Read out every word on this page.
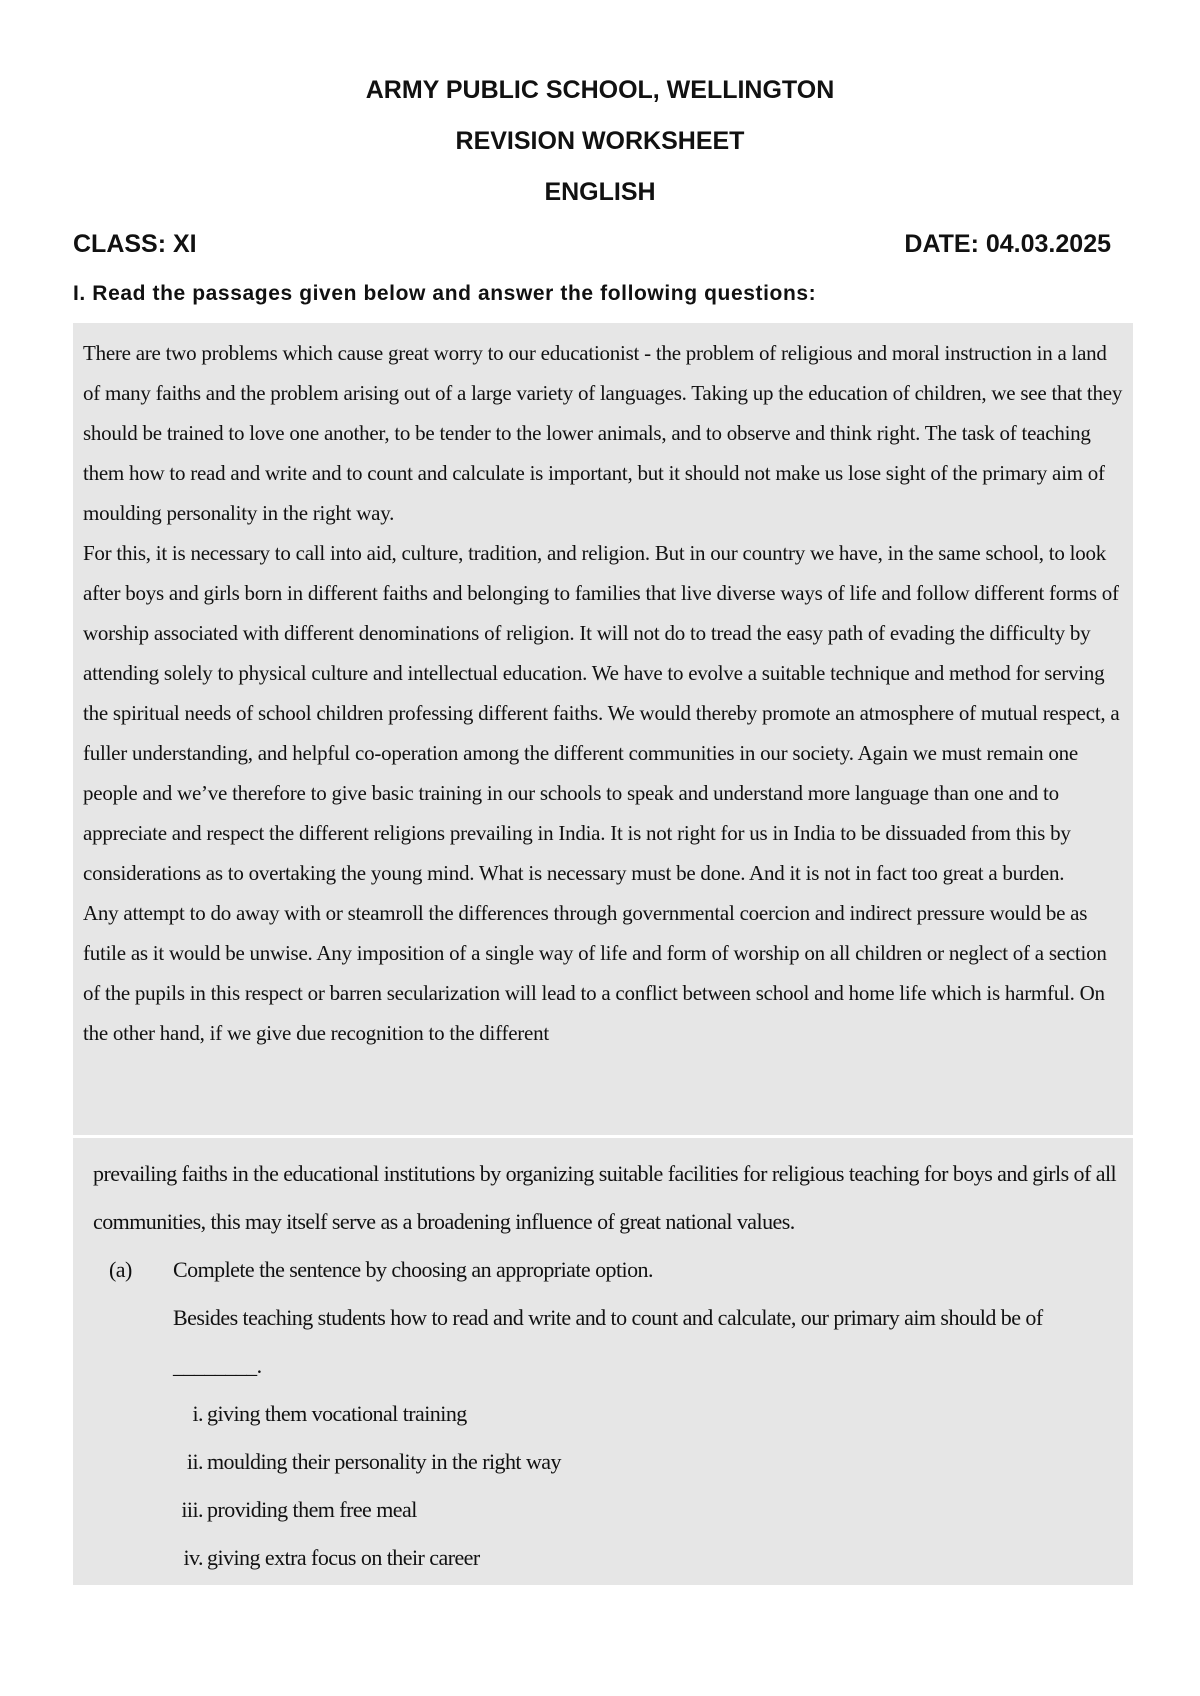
ARMY PUBLIC SCHOOL, WELLINGTON
REVISION WORKSHEET
ENGLISH
CLASS: XI	DATE: 04.03.2025
I. Read the passages given below and answer the following questions:

There are two problems which cause great worry to our educationist - the problem of religious and moral instruction in a land of many faiths and the problem arising out of a large variety of languages. Taking up the education of children, we see that they should be trained to love one another, to be tender to the lower animals, and to observe and think right. The task of teaching them how to read and write and to count and calculate is important, but it should not make us lose sight of the primary aim of moulding personality in the right way.

For this, it is necessary to call into aid, culture, tradition, and religion. But in our country we have, in the same school, to look after boys and girls born in different faiths and belonging to families that live diverse ways of life and follow different forms of worship associated with different denominations of religion. It will not do to tread the easy path of evading the difficulty by attending solely to physical culture and intellectual education. We have to evolve a suitable technique and method for serving the spiritual needs of school children professing different faiths. We would thereby promote an atmosphere of mutual respect, a fuller understanding, and helpful co-operation among the different communities in our society. Again we must remain one people and we’ve therefore to give basic training in our schools to speak and understand more language than one and to appreciate and respect the different religions prevailing in India. It is not right for us in India to be dissuaded from this by considerations as to overtaking the young mind. What is necessary must be done. And it is not in fact too great a burden.

Any attempt to do away with or steamroll the differences through governmental coercion and indirect pressure would be as futile as it would be unwise. Any imposition of a single way of life and form of worship on all children or neglect of a section of the pupils in this respect or barren secularization will lead to a conflict between school and home life which is harmful. On the other hand, if we give due recognition to the different

prevailing faiths in the educational institutions by organizing suitable facilities for religious teaching for boys and girls of all communities, this may itself serve as a broadening influence of great national values.

(a)	Complete the sentence by choosing an appropriate option.
Besides teaching students how to read and write and to count and calculate, our primary aim should be of
________.
i. giving them vocational training
ii. moulding their personality in the right way
iii. providing them free meal
iv. giving extra focus on their career
